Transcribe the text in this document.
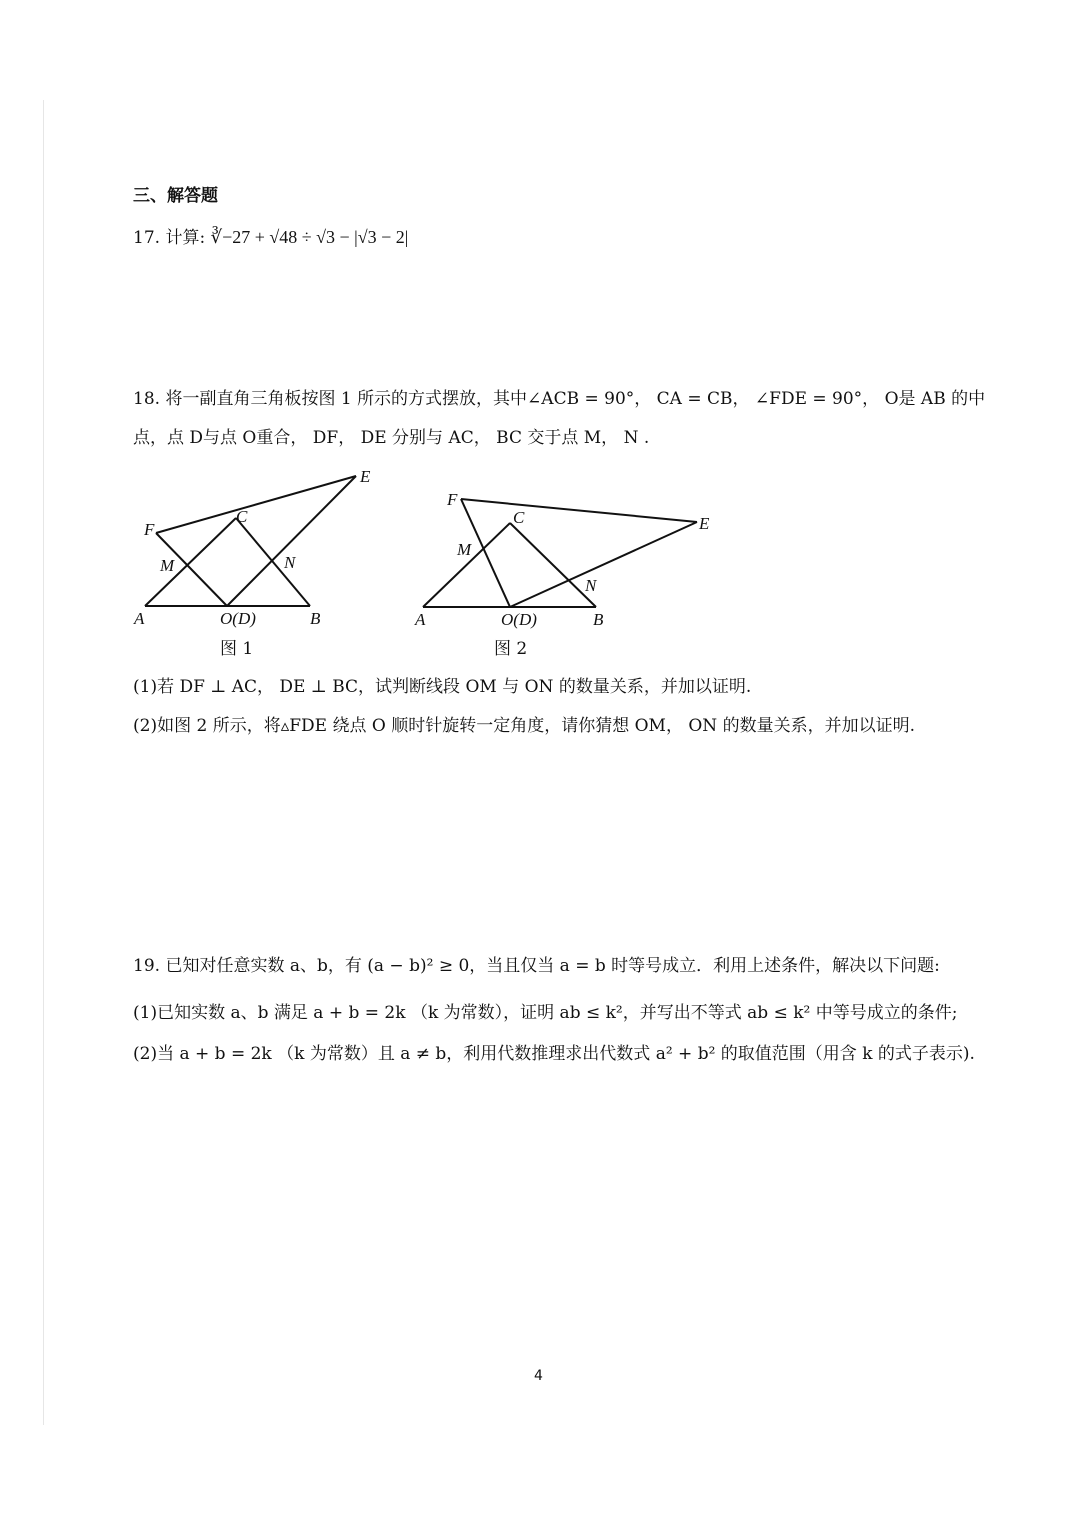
三、解答题
17. 计算: ∛−27 + √48 ÷ √3 − |√3 − 2|
18. 将一副直角三角板按图 1 所示的方式摆放，其中∠ACB = 90°， CA = CB， ∠FDE = 90°， O是 AB 的中
点，点 D与点 O重合， DF， DE 分别与 AC， BC 交于点 M， N .
E
F
C
M	N
A	O(D)	B
图 1
F
C	E
M
N
A	O(D)	B
图 2
(1)若 DF ⊥ AC， DE ⊥ BC，试判断线段 OM 与 ON 的数量关系，并加以证明.
(2)如图 2 所示，将▵FDE 绕点 O 顺时针旋转一定角度，请你猜想 OM， ON 的数量关系，并加以证明.
19. 已知对任意实数 a、b，有 (a − b)² ≥ 0，当且仅当 a = b 时等号成立．利用上述条件，解决以下问题:
(1)已知实数 a、b 满足 a + b = 2k （k 为常数），证明 ab ≤ k²，并写出不等式 ab ≤ k² 中等号成立的条件;
(2)当 a + b = 2k （k 为常数）且 a ≠ b，利用代数推理求出代数式 a² + b² 的取值范围（用含 k 的式子表示).
4
